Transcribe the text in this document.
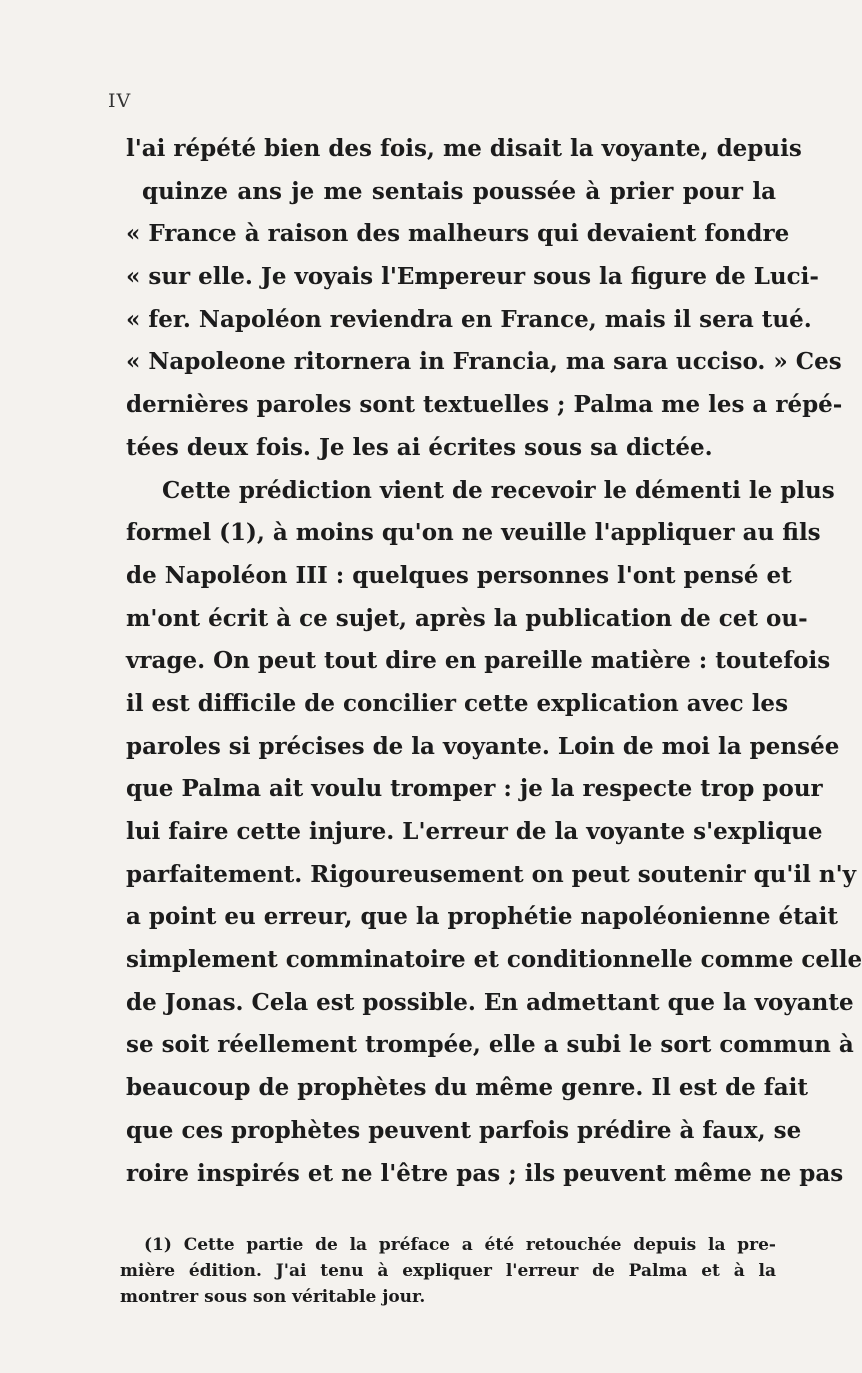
IV
l'ai répété bien des fois, me disait la voyante, depuis
quinze ans je me sentais poussée à prier pour la
« France à raison des malheurs qui devaient fondre
« sur elle. Je voyais l'Empereur sous la figure de Luci-
« fer. Napoléon reviendra en France, mais il sera tué.
« Napoleone ritornera in Francia, ma sara ucciso. » Ces
dernières paroles sont textuelles ; Palma me les a répé-
tées deux fois. Je les ai écrites sous sa dictée.
Cette prédiction vient de recevoir le démenti le plus
formel (1), à moins qu'on ne veuille l'appliquer au fils
de Napoléon III : quelques personnes l'ont pensé et
m'ont écrit à ce sujet, après la publication de cet ou-
vrage. On peut tout dire en pareille matière : toutefois
il est difficile de concilier cette explication avec les
paroles si précises de la voyante. Loin de moi la pensée
que Palma ait voulu tromper : je la respecte trop pour
lui faire cette injure. L'erreur de la voyante s'explique
parfaitement. Rigoureusement on peut soutenir qu'il n'y
a point eu erreur, que la prophétie napoléonienne était
simplement comminatoire et conditionnelle comme celle
de Jonas. Cela est possible. En admettant que la voyante
se soit réellement trompée, elle a subi le sort commun à
beaucoup de prophètes du même genre. Il est de fait
que ces prophètes peuvent parfois prédire à faux, se
roire inspirés et ne l'être pas ; ils peuvent même ne pas
(1) Cette partie de la préface a été retouchée depuis la pre-
mière édition. J'ai tenu à expliquer l'erreur de Palma et à la
montrer sous son véritable jour.
